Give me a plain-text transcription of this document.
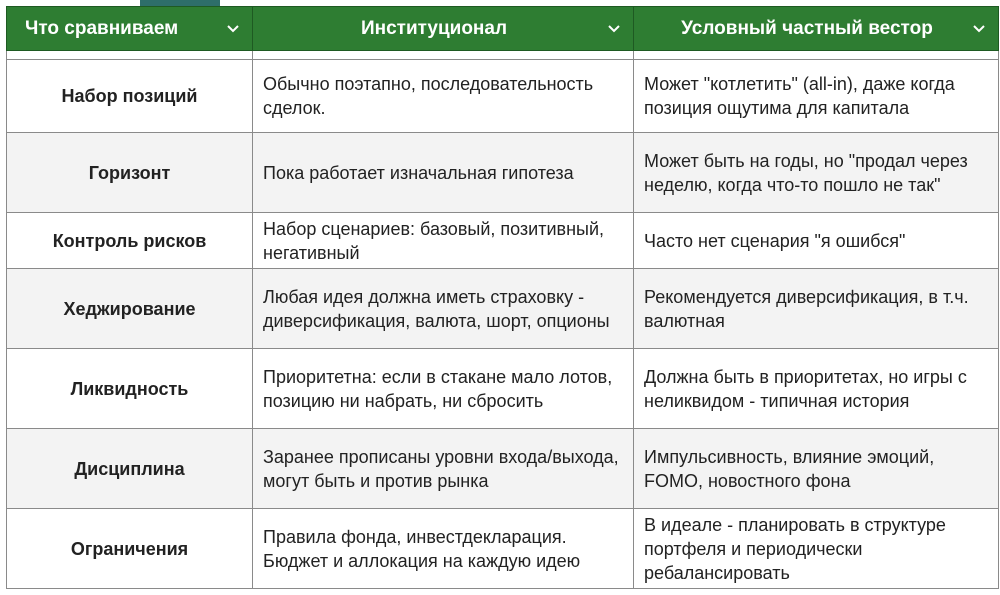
Что сравниваем	Институционал	Условный частный вестор

Набор позиций	Обычно поэтапно, последовательность сделок.	Может "котлетить" (all-in), даже когда позиция ощутима для капитала
Горизонт	Пока работает изначальная гипотеза	Может быть на годы, но "продал через неделю, когда что-то пошло не так"
Контроль рисков	Набор сценариев: базовый, позитивный, негативный	Часто нет сценария "я ошибся"
Хеджирование	Любая идея должна иметь страховку - диверсификация, валюта, шорт, опционы	Рекомендуется диверсификация, в т.ч. валютная
Ликвидность	Приоритетна: если в стакане мало лотов, позицию ни набрать, ни сбросить	Должна быть в приоритетах, но игры с неликвидом - типичная история
Дисциплина	Заранее прописаны уровни входа/выхода, могут быть и против рынка	Импульсивность, влияние эмоций, FOMO, новостного фона
Ограничения	Правила фонда, инвестдекларация. Бюджет и аллокация на каждую идею	В идеале - планировать в структуре портфеля и периодически ребалансировать
